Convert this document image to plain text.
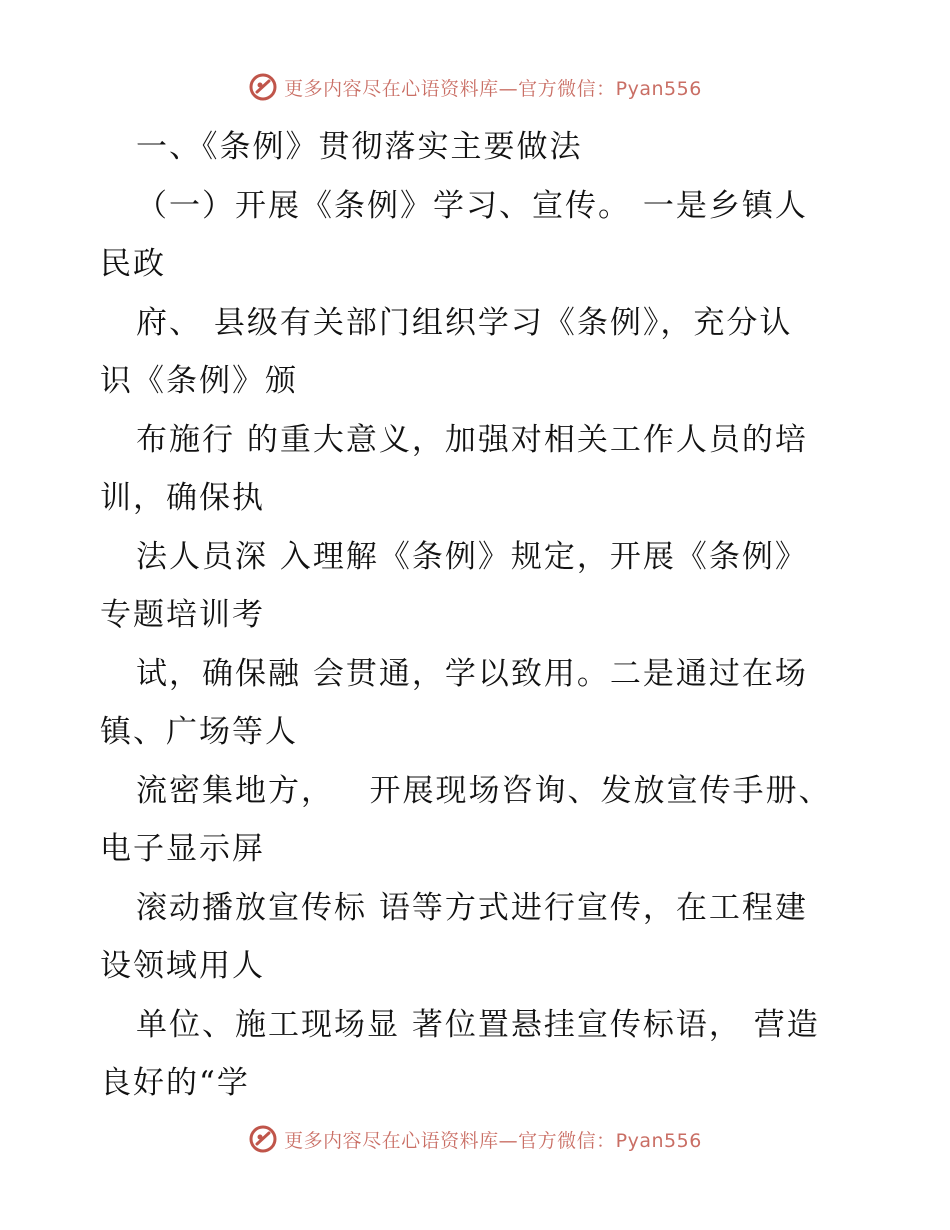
更多内容尽在心语资料库—官方微信：Pyan556
一、《条例》贯彻落实主要做法
（一）开展《条例》学习、宣传。 一是乡镇人
民政
府、 县级有关部门组织学习《条例》，充分认
识《条例》颁
布施行 的重大意义，加强对相关工作人员的培
训，确保执
法人员深 入理解《条例》规定，开展《条例》
专题培训考
试，确保融 会贯通，学以致用。二是通过在场
镇、广场等人
流密集地方，   开展现场咨询、发放宣传手册、
电子显示屏
滚动播放宣传标 语等方式进行宣传，在工程建
设领域用人
单位、施工现场显 著位置悬挂宣传标语， 营造
良好的“学
更多内容尽在心语资料库—官方微信：Pyan556
